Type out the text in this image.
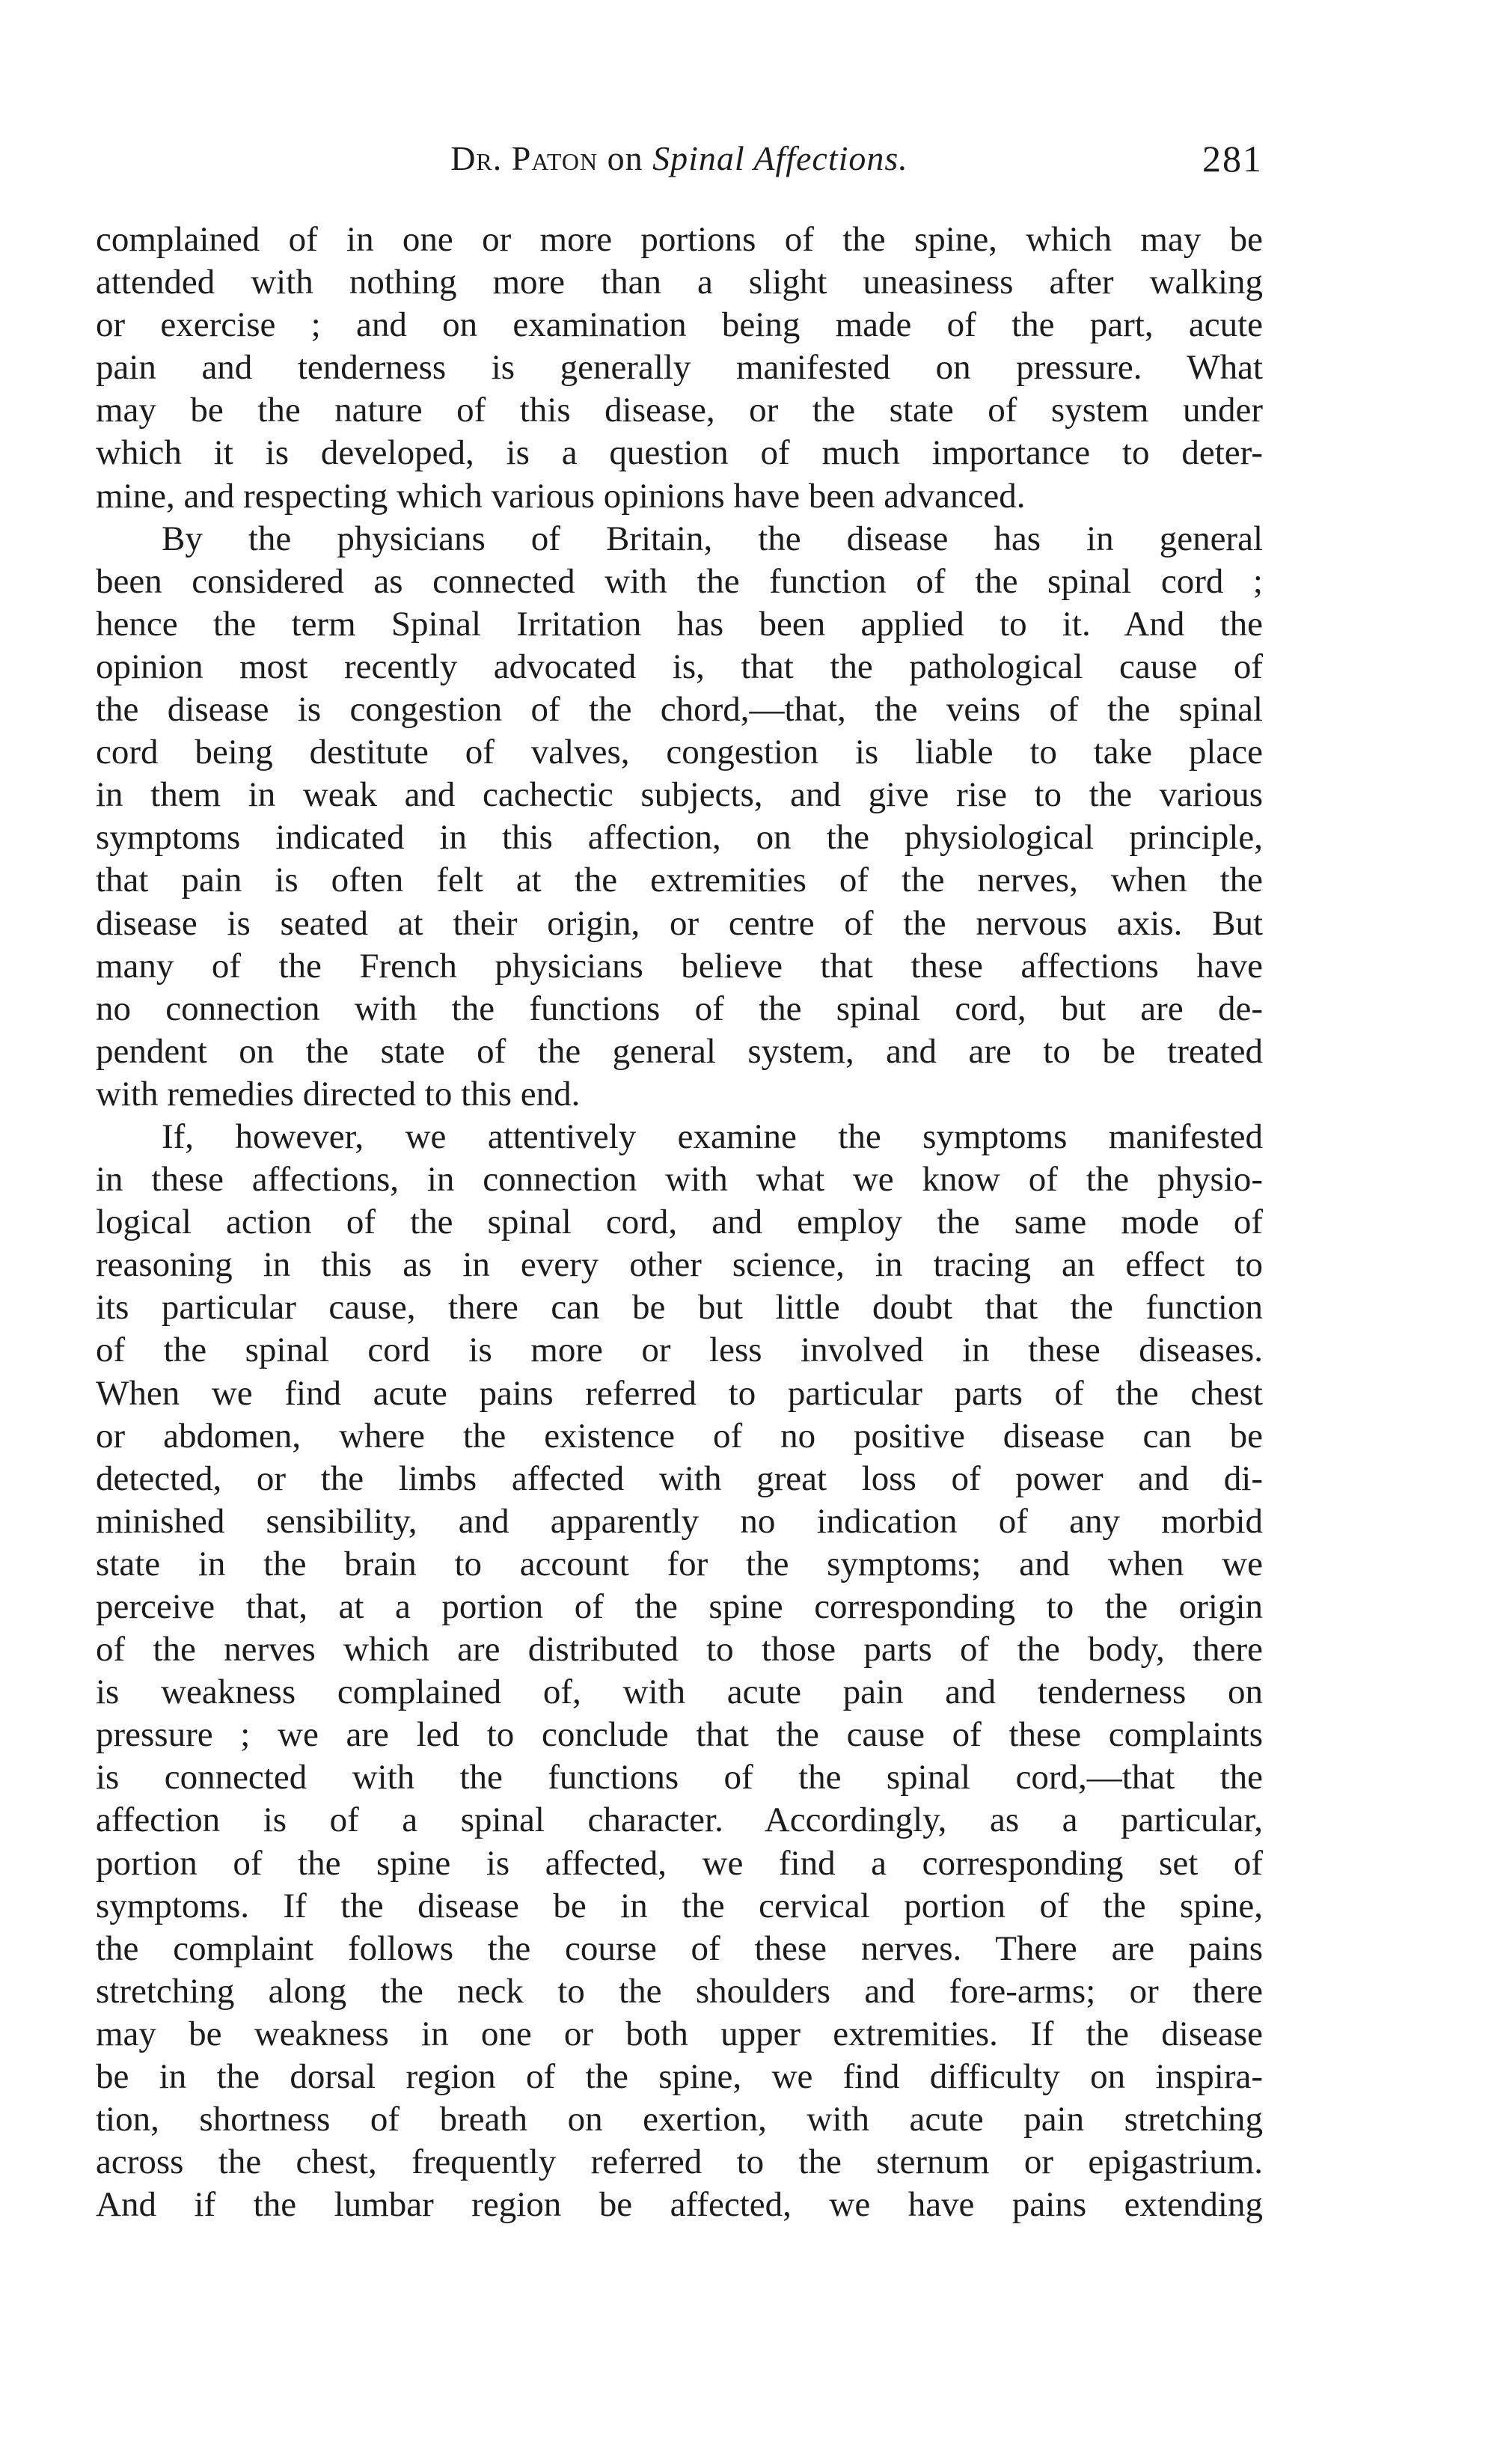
Dr. Paton on Spinal Affections.	281
complained of in one or more portions of the spine, which may be
attended with nothing more than a slight uneasiness after walking
or exercise ; and on examination being made of the part, acute
pain and tenderness is generally manifested on pressure. What
may be the nature of this disease, or the state of system under
which it is developed, is a question of much importance to deter-
mine, and respecting which various opinions have been advanced.
By the physicians of Britain, the disease has in general
been considered as connected with the function of the spinal cord ;
hence the term Spinal Irritation has been applied to it. And the
opinion most recently advocated is, that the pathological cause of
the disease is congestion of the chord,—that, the veins of the spinal
cord being destitute of valves, congestion is liable to take place
in them in weak and cachectic subjects, and give rise to the various
symptoms indicated in this affection, on the physiological principle,
that pain is often felt at the extremities of the nerves, when the
disease is seated at their origin, or centre of the nervous axis. But
many of the French physicians believe that these affections have
no connection with the functions of the spinal cord, but are de-
pendent on the state of the general system, and are to be treated
with remedies directed to this end.
If, however, we attentively examine the symptoms manifested
in these affections, in connection with what we know of the physio-
logical action of the spinal cord, and employ the same mode of
reasoning in this as in every other science, in tracing an effect to
its particular cause, there can be but little doubt that the function
of the spinal cord is more or less involved in these diseases.
When we find acute pains referred to particular parts of the chest
or abdomen, where the existence of no positive disease can be
detected, or the limbs affected with great loss of power and di-
minished sensibility, and apparently no indication of any morbid
state in the brain to account for the symptoms; and when we
perceive that, at a portion of the spine corresponding to the origin
of the nerves which are distributed to those parts of the body, there
is weakness complained of, with acute pain and tenderness on
pressure ; we are led to conclude that the cause of these complaints
is connected with the functions of the spinal cord,—that the
affection is of a spinal character. Accordingly, as a particular,
portion of the spine is affected, we find a corresponding set of
symptoms. If the disease be in the cervical portion of the spine,
the complaint follows the course of these nerves. There are pains
stretching along the neck to the shoulders and fore-arms; or there
may be weakness in one or both upper extremities. If the disease
be in the dorsal region of the spine, we find difficulty on inspira-
tion, shortness of breath on exertion, with acute pain stretching
across the chest, frequently referred to the sternum or epigastrium.
And if the lumbar region be affected, we have pains extending
